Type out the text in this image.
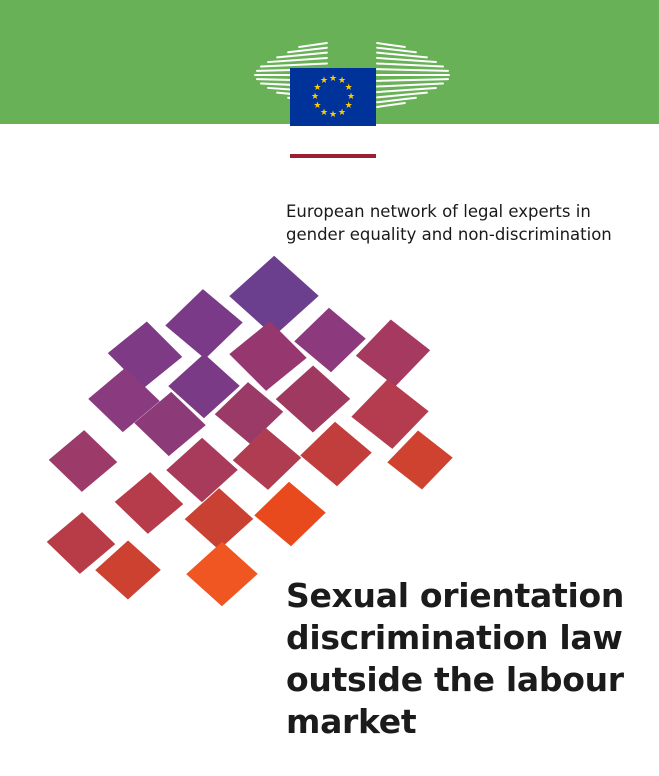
★ ★
★
★
★
★
★
★
★
★
★
★
European
Commission
European network of legal experts in
gender equality and non-discrimination
Sexual orientation
discrimination law
outside the labour
market
